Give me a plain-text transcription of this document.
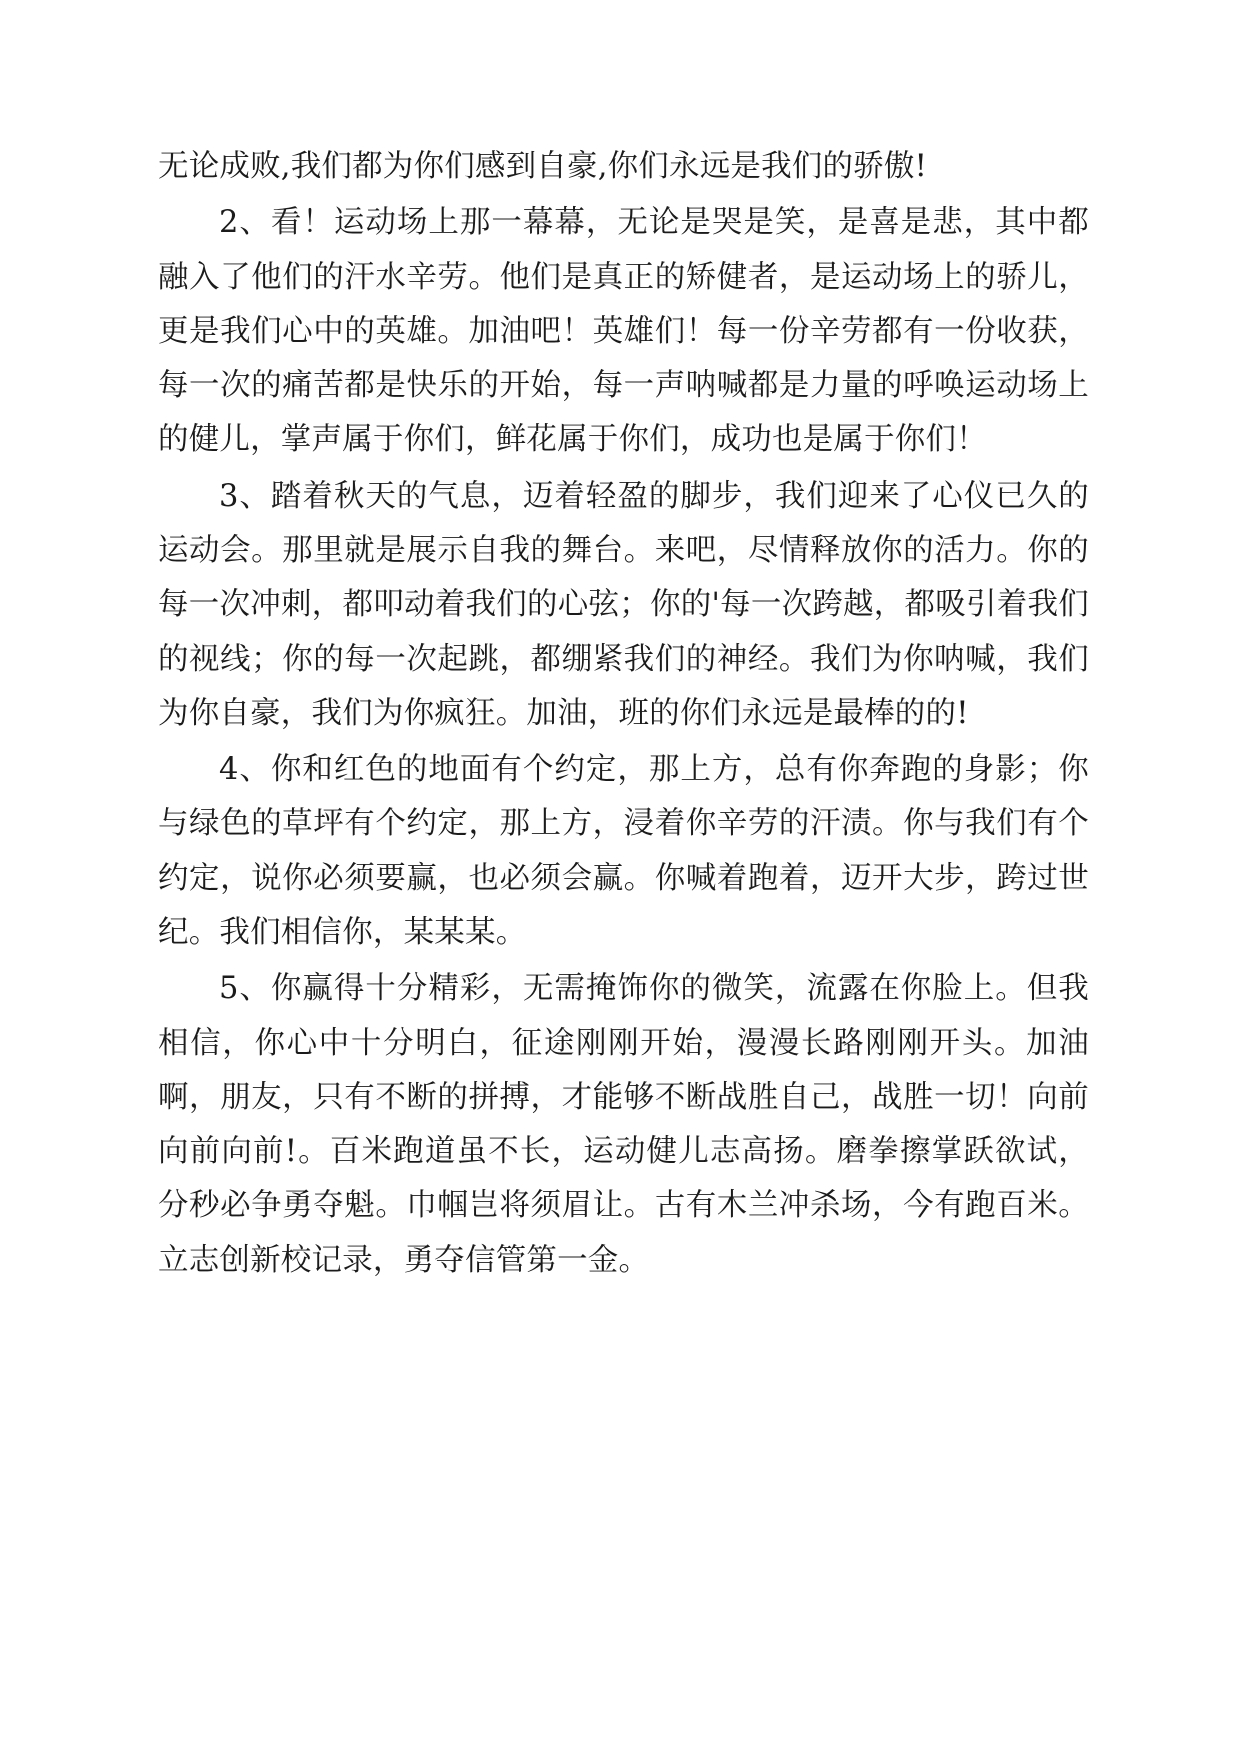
无论成败,我们都为你们感到自豪,你们永远是我们的骄傲!

2、看！运动场上那一幕幕，无论是哭是笑，是喜是悲，其中都融入了他们的汗水辛劳。他们是真正的矫健者，是运动场上的骄儿，更是我们心中的英雄。加油吧！英雄们！每一份辛劳都有一份收获，每一次的痛苦都是快乐的开始，每一声呐喊都是力量的呼唤运动场上的健儿，掌声属于你们，鲜花属于你们，成功也是属于你们！

3、踏着秋天的气息，迈着轻盈的脚步，我们迎来了心仪已久的运动会。那里就是展示自我的舞台。来吧，尽情释放你的活力。你的每一次冲刺，都叩动着我们的心弦；你的'每一次跨越，都吸引着我们的视线；你的每一次起跳，都绷紧我们的神经。我们为你呐喊，我们为你自豪，我们为你疯狂。加油，班的你们永远是最棒的的!

4、你和红色的地面有个约定，那上方，总有你奔跑的身影；你与绿色的草坪有个约定，那上方，浸着你辛劳的汗渍。你与我们有个约定，说你必须要赢，也必须会赢。你喊着跑着，迈开大步，跨过世纪。我们相信你，某某某。

5、你赢得十分精彩，无需掩饰你的微笑，流露在你脸上。但我相信，你心中十分明白，征途刚刚开始，漫漫长路刚刚开头。加油啊，朋友，只有不断的拼搏，才能够不断战胜自己，战胜一切！向前向前向前!。百米跑道虽不长，运动健儿志高扬。磨拳擦掌跃欲试，分秒必争勇夺魁。巾帼岂将须眉让。古有木兰冲杀场，今有跑百米。立志创新校记录，勇夺信管第一金。
